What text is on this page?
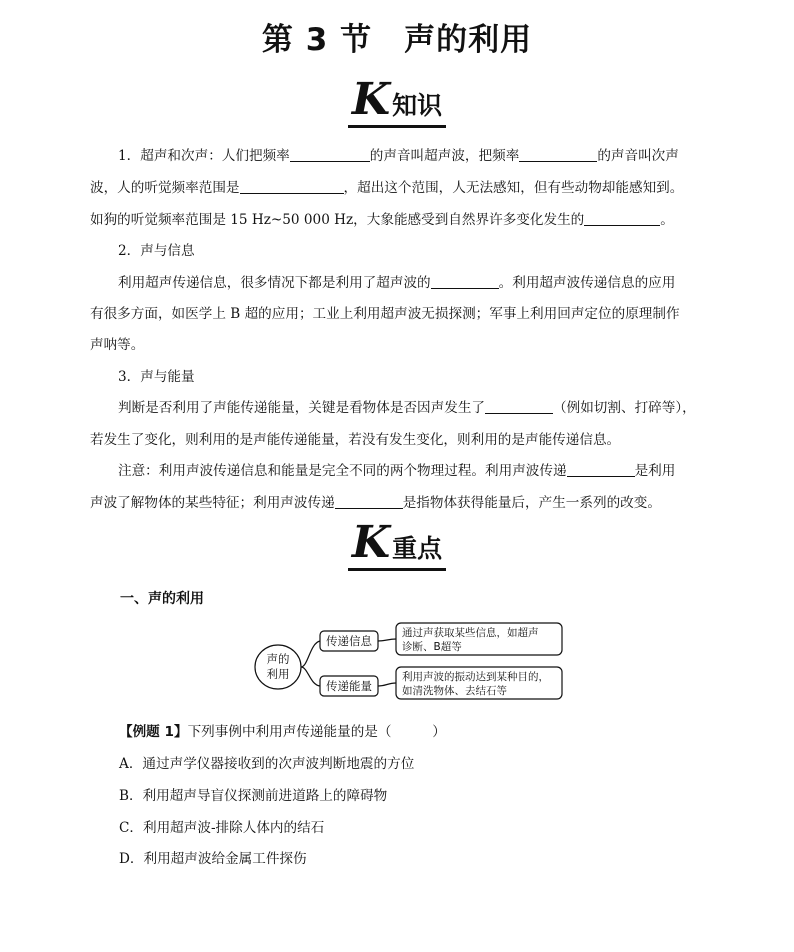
第 3 节　声的利用
K知识
1．超声和次声：人们把频率	的声音叫超声波，把频率	的声音叫次声
波，人的听觉频率范围是	，超出这个范围，人无法感知，但有些动物却能感知到。
如狗的听觉频率范围是 15 Hz~50 000 Hz，大象能感受到自然界许多变化发生的	。
2．声与信息
利用超声传递信息，很多情况下都是利用了超声波的	。利用超声波传递信息的应用
有很多方面，如医学上 B 超的应用；工业上利用超声波无损探测；军事上利用回声定位的原理制作
声呐等。
3．声与能量
判断是否利用了声能传递能量，关键是看物体是否因声发生了	（例如切割、打碎等），
若发生了变化，则利用的是声能传递能量，若没有发生变化，则利用的是声能传递信息。
注意：利用声波传递信息和能量是完全不同的两个物理过程。利用声波传递	是利用
声波了解物体的某些特征；利用声波传递	是指物体获得能量后，产生一系列的改变。
K重点
一、声的利用
声的
利用
传递信息
传递能量
通过声获取某些信息，如超声
诊断、B超等
利用声波的振动达到某种目的，
如清洗物体、去结石等
【例题 1】下列事例中利用声传递能量的是（　　　）
A．通过声学仪器接收到的次声波判断地震的方位
B．利用超声导盲仪探测前进道路上的障碍物
C．利用超声波-排除人体内的结石
D．利用超声波给金属工件探伤
